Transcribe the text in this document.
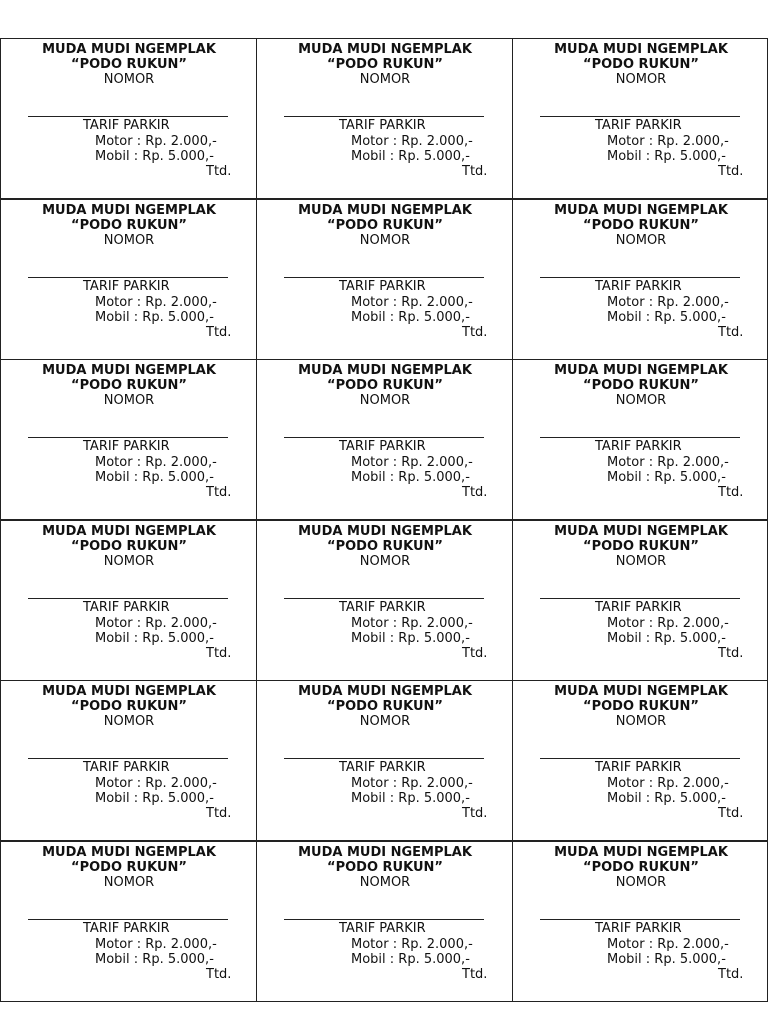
MUDA MUDI NGEMPLAK
“PODO RUKUN”
NOMOR
TARIF PARKIR
Motor : Rp. 2.000,-
Mobil : Rp. 5.000,-
Ttd.
MUDA MUDI NGEMPLAK
“PODO RUKUN”
NOMOR
TARIF PARKIR
Motor : Rp. 2.000,-
Mobil : Rp. 5.000,-
Ttd.
MUDA MUDI NGEMPLAK
“PODO RUKUN”
NOMOR
TARIF PARKIR
Motor : Rp. 2.000,-
Mobil : Rp. 5.000,-
Ttd.
MUDA MUDI NGEMPLAK
“PODO RUKUN”
NOMOR
TARIF PARKIR
Motor : Rp. 2.000,-
Mobil : Rp. 5.000,-
Ttd.
MUDA MUDI NGEMPLAK
“PODO RUKUN”
NOMOR
TARIF PARKIR
Motor : Rp. 2.000,-
Mobil : Rp. 5.000,-
Ttd.
MUDA MUDI NGEMPLAK
“PODO RUKUN”
NOMOR
TARIF PARKIR
Motor : Rp. 2.000,-
Mobil : Rp. 5.000,-
Ttd.
MUDA MUDI NGEMPLAK
“PODO RUKUN”
NOMOR
TARIF PARKIR
Motor : Rp. 2.000,-
Mobil : Rp. 5.000,-
Ttd.
MUDA MUDI NGEMPLAK
“PODO RUKUN”
NOMOR
TARIF PARKIR
Motor : Rp. 2.000,-
Mobil : Rp. 5.000,-
Ttd.
MUDA MUDI NGEMPLAK
“PODO RUKUN”
NOMOR
TARIF PARKIR
Motor : Rp. 2.000,-
Mobil : Rp. 5.000,-
Ttd.
MUDA MUDI NGEMPLAK
“PODO RUKUN”
NOMOR
TARIF PARKIR
Motor : Rp. 2.000,-
Mobil : Rp. 5.000,-
Ttd.
MUDA MUDI NGEMPLAK
“PODO RUKUN”
NOMOR
TARIF PARKIR
Motor : Rp. 2.000,-
Mobil : Rp. 5.000,-
Ttd.
MUDA MUDI NGEMPLAK
“PODO RUKUN”
NOMOR
TARIF PARKIR
Motor : Rp. 2.000,-
Mobil : Rp. 5.000,-
Ttd.
MUDA MUDI NGEMPLAK
“PODO RUKUN”
NOMOR
TARIF PARKIR
Motor : Rp. 2.000,-
Mobil : Rp. 5.000,-
Ttd.
MUDA MUDI NGEMPLAK
“PODO RUKUN”
NOMOR
TARIF PARKIR
Motor : Rp. 2.000,-
Mobil : Rp. 5.000,-
Ttd.
MUDA MUDI NGEMPLAK
“PODO RUKUN”
NOMOR
TARIF PARKIR
Motor : Rp. 2.000,-
Mobil : Rp. 5.000,-
Ttd.
MUDA MUDI NGEMPLAK
“PODO RUKUN”
NOMOR
TARIF PARKIR
Motor : Rp. 2.000,-
Mobil : Rp. 5.000,-
Ttd.
MUDA MUDI NGEMPLAK
“PODO RUKUN”
NOMOR
TARIF PARKIR
Motor : Rp. 2.000,-
Mobil : Rp. 5.000,-
Ttd.
MUDA MUDI NGEMPLAK
“PODO RUKUN”
NOMOR
TARIF PARKIR
Motor : Rp. 2.000,-
Mobil : Rp. 5.000,-
Ttd.
